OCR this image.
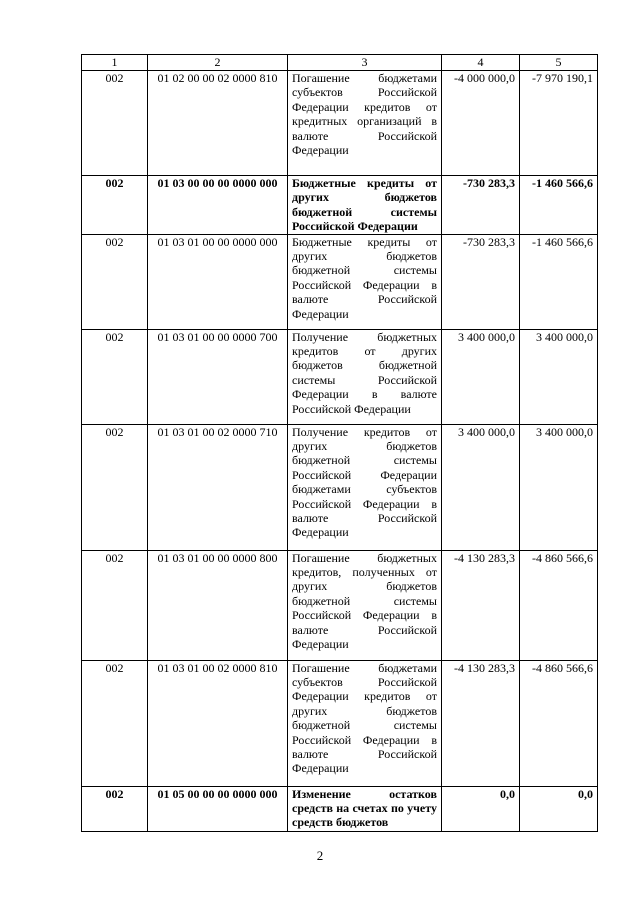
1	2	3	4	5
002	01 02 00 00 02 0000 810	Погашение бюджетами субъектов Российской Федерации кредитов от кредитных организаций в валюте Российской Федерации	-4 000 000,0	-7 970 190,1
002	01 03 00 00 00 0000 000	Бюджетные кредиты от других бюджетов бюджетной системы Российской Федерации	-730 283,3	-1 460 566,6
002	01 03 01 00 00 0000 000	Бюджетные кредиты от других бюджетов бюджетной системы Российской Федерации в валюте Российской Федерации	-730 283,3	-1 460 566,6
002	01 03 01 00 00 0000 700	Получение бюджетных кредитов от других бюджетов бюджетной системы Российской Федерации в валюте Российской Федерации	3 400 000,0	3 400 000,0
002	01 03 01 00 02 0000 710	Получение кредитов от других бюджетов бюджетной системы Российской Федерации бюджетами субъектов Российской Федерации в валюте Российской Федерации	3 400 000,0	3 400 000,0
002	01 03 01 00 00 0000 800	Погашение бюджетных кредитов, полученных от других бюджетов бюджетной системы Российской Федерации в валюте Российской Федерации	-4 130 283,3	-4 860 566,6
002	01 03 01 00 02 0000 810	Погашение бюджетами субъектов Российской Федерации кредитов от других бюджетов бюджетной системы Российской Федерации в валюте Российской Федерации	-4 130 283,3	-4 860 566,6
002	01 05 00 00 00 0000 000	Изменение остатков средств на счетах по учету средств бюджетов	0,0	0,0
2
